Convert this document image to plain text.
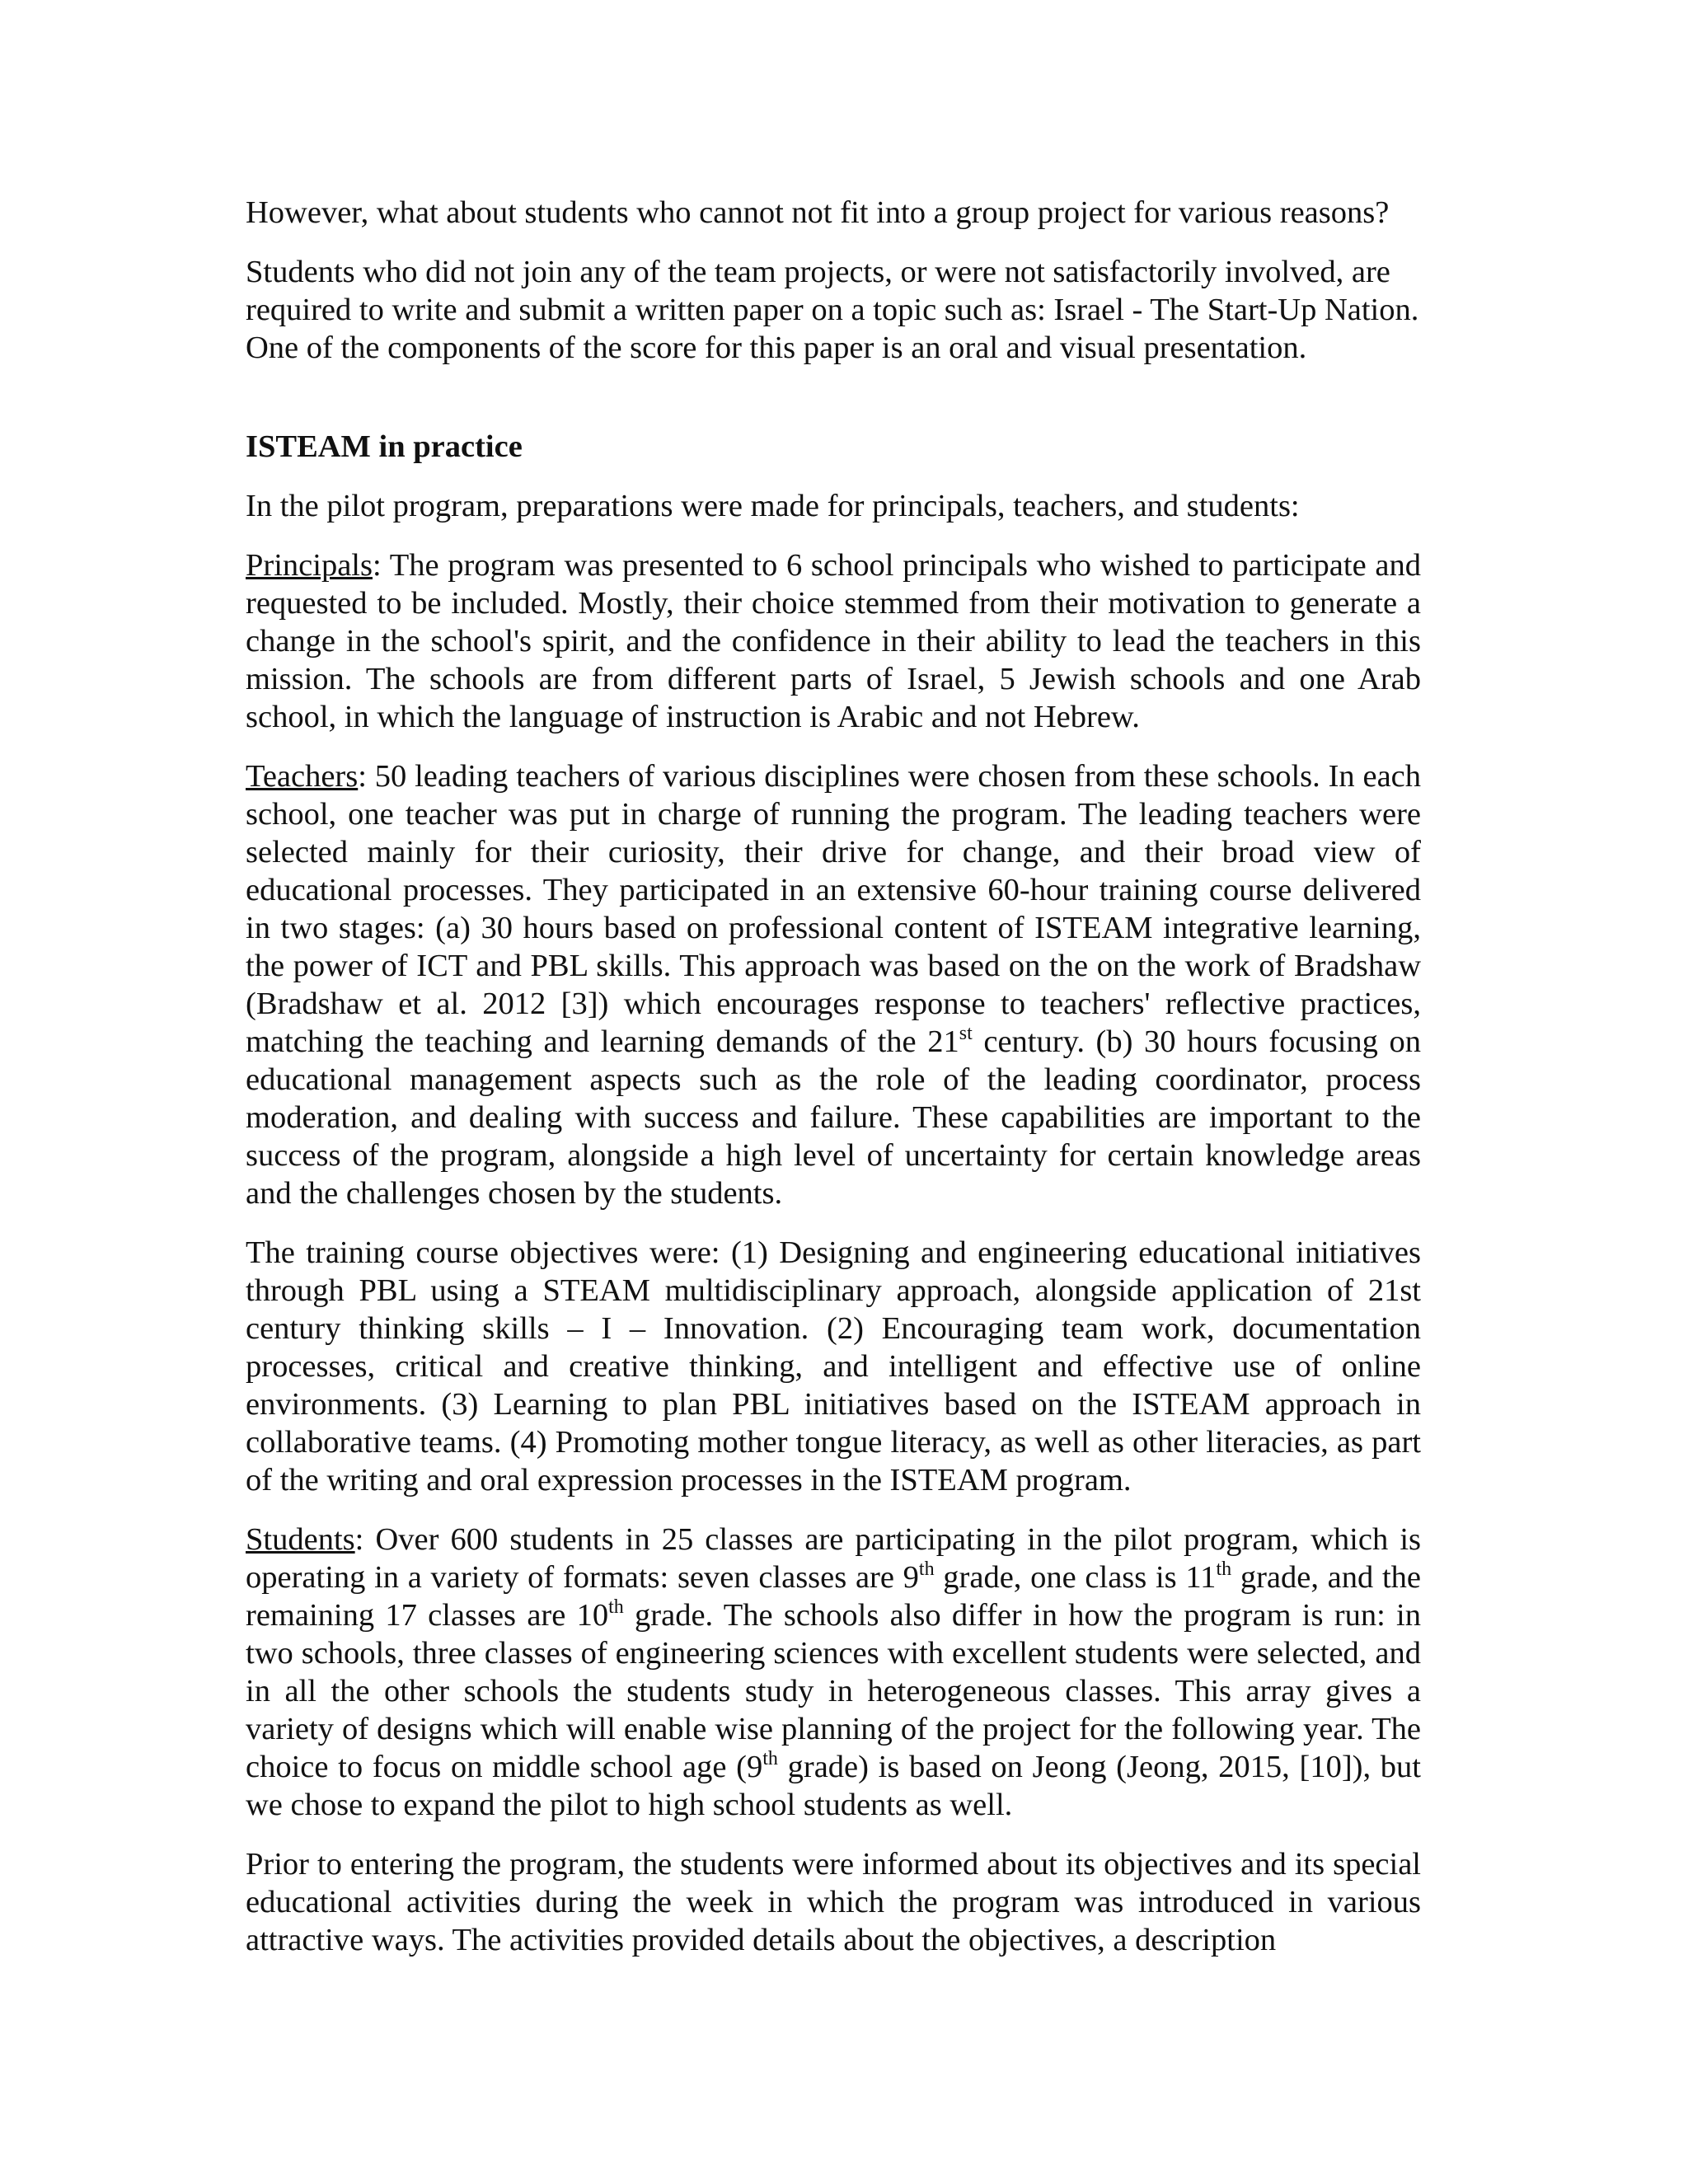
However, what about students who cannot not fit into a group project for various reasons?

Students who did not join any of the team projects, or were not satisfactorily involved, are required to write and submit a written paper on a topic such as: Israel - The Start-Up Nation. One of the components of the score for this paper is an oral and visual presentation.

ISTEAM in practice

In the pilot program, preparations were made for principals, teachers, and students:

Principals: The program was presented to 6 school principals who wished to participate and requested to be included. Mostly, their choice stemmed from their motivation to generate a change in the school's spirit, and the confidence in their ability to lead the teachers in this mission. The schools are from different parts of Israel, 5 Jewish schools and one Arab school, in which the language of instruction is Arabic and not Hebrew.

Teachers: 50 leading teachers of various disciplines were chosen from these schools. In each school, one teacher was put in charge of running the program. The leading teachers were selected mainly for their curiosity, their drive for change, and their broad view of educational processes. They participated in an extensive 60-hour training course delivered in two stages: (a) 30 hours based on professional content of ISTEAM integrative learning, the power of ICT and PBL skills. This approach was based on the on the work of Bradshaw (Bradshaw et al. 2012 [3]) which encourages response to teachers' reflective practices, matching the teaching and learning demands of the 21st century. (b) 30 hours focusing on educational management aspects such as the role of the leading coordinator, process moderation, and dealing with success and failure. These capabilities are important to the success of the program, alongside a high level of uncertainty for certain knowledge areas and the challenges chosen by the students.

The training course objectives were: (1) Designing and engineering educational initiatives through PBL using a STEAM multidisciplinary approach, alongside application of 21st century thinking skills – I – Innovation. (2) Encouraging team work, documentation processes, critical and creative thinking, and intelligent and effective use of online environments. (3) Learning to plan PBL initiatives based on the ISTEAM approach in collaborative teams. (4) Promoting mother tongue literacy, as well as other literacies, as part of the writing and oral expression processes in the ISTEAM program.

Students: Over 600 students in 25 classes are participating in the pilot program, which is operating in a variety of formats: seven classes are 9th grade, one class is 11th grade, and the remaining 17 classes are 10th grade. The schools also differ in how the program is run: in two schools, three classes of engineering sciences with excellent students were selected, and in all the other schools the students study in heterogeneous classes. This array gives a variety of designs which will enable wise planning of the project for the following year. The choice to focus on middle school age (9th grade) is based on Jeong (Jeong, 2015, [10]), but we chose to expand the pilot to high school students as well.

Prior to entering the program, the students were informed about its objectives and its special educational activities during the week in which the program was introduced in various attractive ways. The activities provided details about the objectives, a description
